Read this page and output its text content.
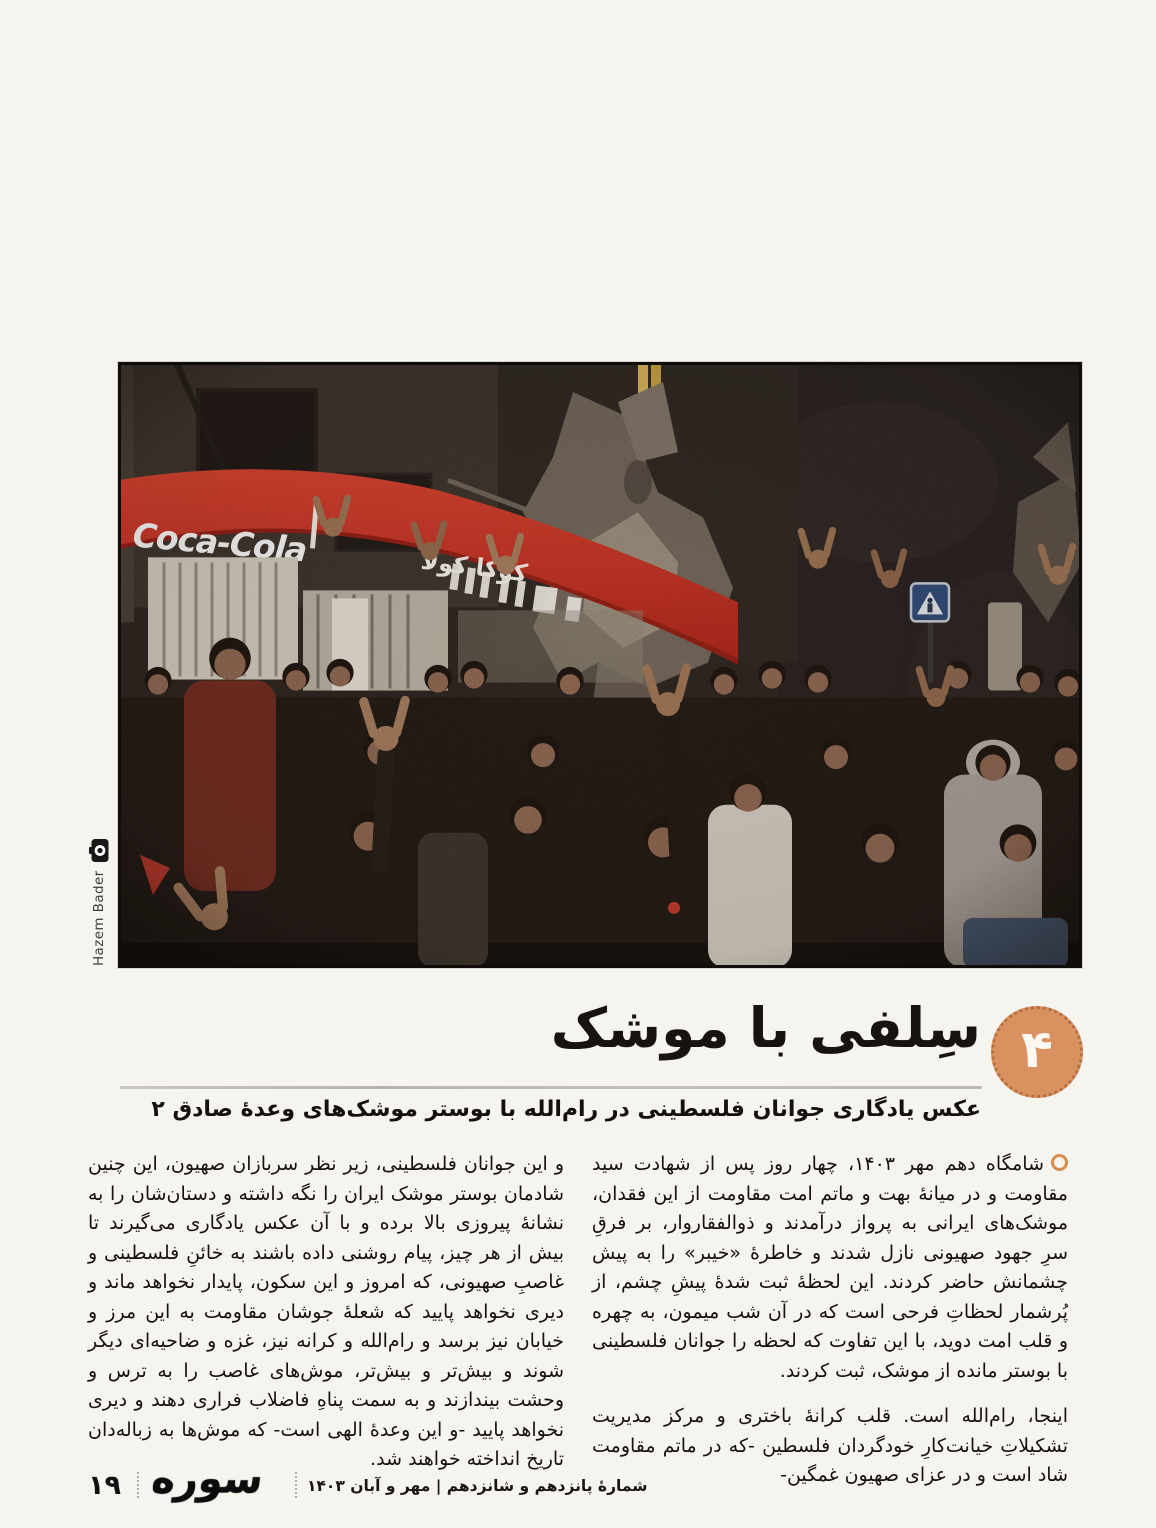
Hazem Bader
۴
سِلفی با موشک
عکس یادگاری جوانان فلسطینی در رام‌الله با بوستر موشک‌های وعدهٔ صادق ۲

شامگاه دهم مهر ۱۴۰۳، چهار روز پس از شهادت سید مقاومت و در میانهٔ بهت و ماتم امت مقاومت از این فقدان، موشک‌های ایرانی به پرواز درآمدند و ذوالفقاروار، بر فرقِ سرِ جهود صهیونی نازل شدند و خاطرهٔ «خیبر» را به پیش چشمانش حاضر کردند. این لحظهٔ ثبت شدهٔ پیشِ چشم، از پُرشمار لحظاتِ فرحی است که در آن شب میمون، به چهره و قلب امت دوید، با این تفاوت که لحظه را جوانان فلسطینی با بوستر مانده از موشک، ثبت کردند.

اینجا، رام‌الله است. قلب کرانهٔ باختری و مرکز مدیریت تشکیلاتِ خیانت‌کارِ خودگردان فلسطین -که در ماتم مقاومت شاد است و در عزای صهیون غمگین-

و این جوانان فلسطینی، زیر نظر سربازان صهیون، این چنین شادمان بوستر موشک ایران را نگه داشته و دستان‌شان را به نشانهٔ پیروزی بالا برده و با آن عکس یادگاری می‌گیرند تا بیش از هر چیز، پیام روشنی داده باشند به خائنِ فلسطینی و غاصبِ صهیونی، که امروز و این سکون، پایدار نخواهد ماند و دیری نخواهد پایید که شعلهٔ جوشان مقاومت به این مرز و خیابان نیز برسد و رام‌الله و کرانه نیز، غزه و ضاحیه‌ای دیگر شوند و بیش‌تر و بیش‌تر، موش‌های غاصب را به ترس و وحشت بیندازند و به سمت پناهِ فاضلاب فراری دهند و دیری نخواهد پایید -و این وعدهٔ الهی است- که موش‌ها به زباله‌دان تاریخ انداخته خواهند شد.

۱۹ سوره	شمارهٔ پانزدهم و شانزدهم | مهر و آبان ۱۴۰۳
